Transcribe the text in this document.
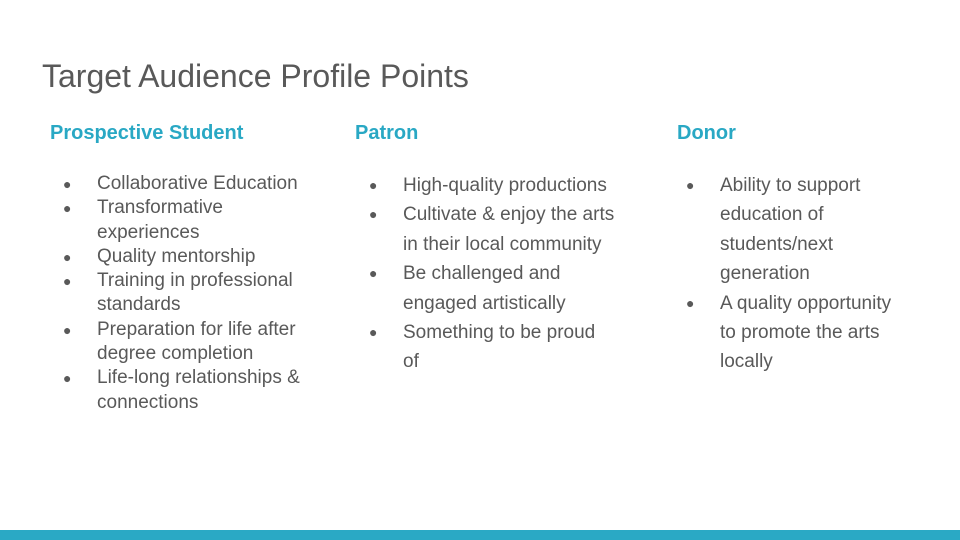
Target Audience Profile Points
Prospective Student
● Collaborative Education
● Transformative experiences
● Quality mentorship
● Training in professional standards
● Preparation for life after degree completion
● Life-long relationships & connections
Patron
● High-quality productions
● Cultivate & enjoy the arts in their local community
● Be challenged and engaged artistically
● Something to be proud of
Donor
● Ability to support education of students/next generation
● A quality opportunity to promote the arts locally
